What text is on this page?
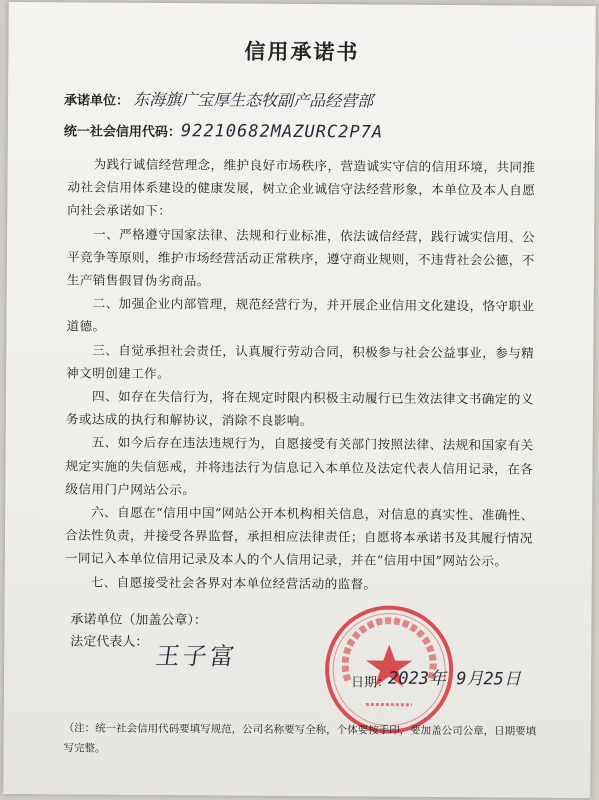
信用承诺书
承诺单位： 东海旗广宝厚生态牧副产品经营部
统一社会信用代码：92210682MAZURC2P7A

为践行诚信经营理念，维护良好市场秩序，营造诚实守信的信用环境，共同推动社会信用体系建设的健康发展，树立企业诚信守法经营形象，本单位及本人自愿向社会承诺如下：

一、严格遵守国家法律、法规和行业标准，依法诚信经营，践行诚实信用、公平竞争等原则，维护市场经营活动正常秩序，遵守商业规则，不违背社会公德，不生产销售假冒伪劣商品。

二、加强企业内部管理，规范经营行为，并开展企业信用文化建设，恪守职业道德。

三、自觉承担社会责任，认真履行劳动合同，积极参与社会公益事业，参与精神文明创建工作。

四、如存在失信行为，将在规定时限内积极主动履行已生效法律文书确定的义务或达成的执行和解协议，消除不良影响。

五、如今后存在违法违规行为，自愿接受有关部门按照法律、法规和国家有关规定实施的失信惩戒，并将违法行为信息记入本单位及法定代表人信用记录，在各级信用门户网站公示。

六、自愿在“信用中国”网站公开本机构相关信息，对信息的真实性、准确性、合法性负责，并接受各界监督，承担相应法律责任；自愿将本承诺书及其履行情况一同记入本单位信用记录及本人的个人信用记录，并在“信用中国”网站公示。

七、自愿接受社会各界对本单位经营活动的监督。

承诺单位（加盖公章）：
法定代表人： 王子富
日期：
2023年 9月25日
（注：统一社会信用代码要填写规范，公司名称要写全称，个体要按手印，要加盖公司公章，日期要填写完整。
